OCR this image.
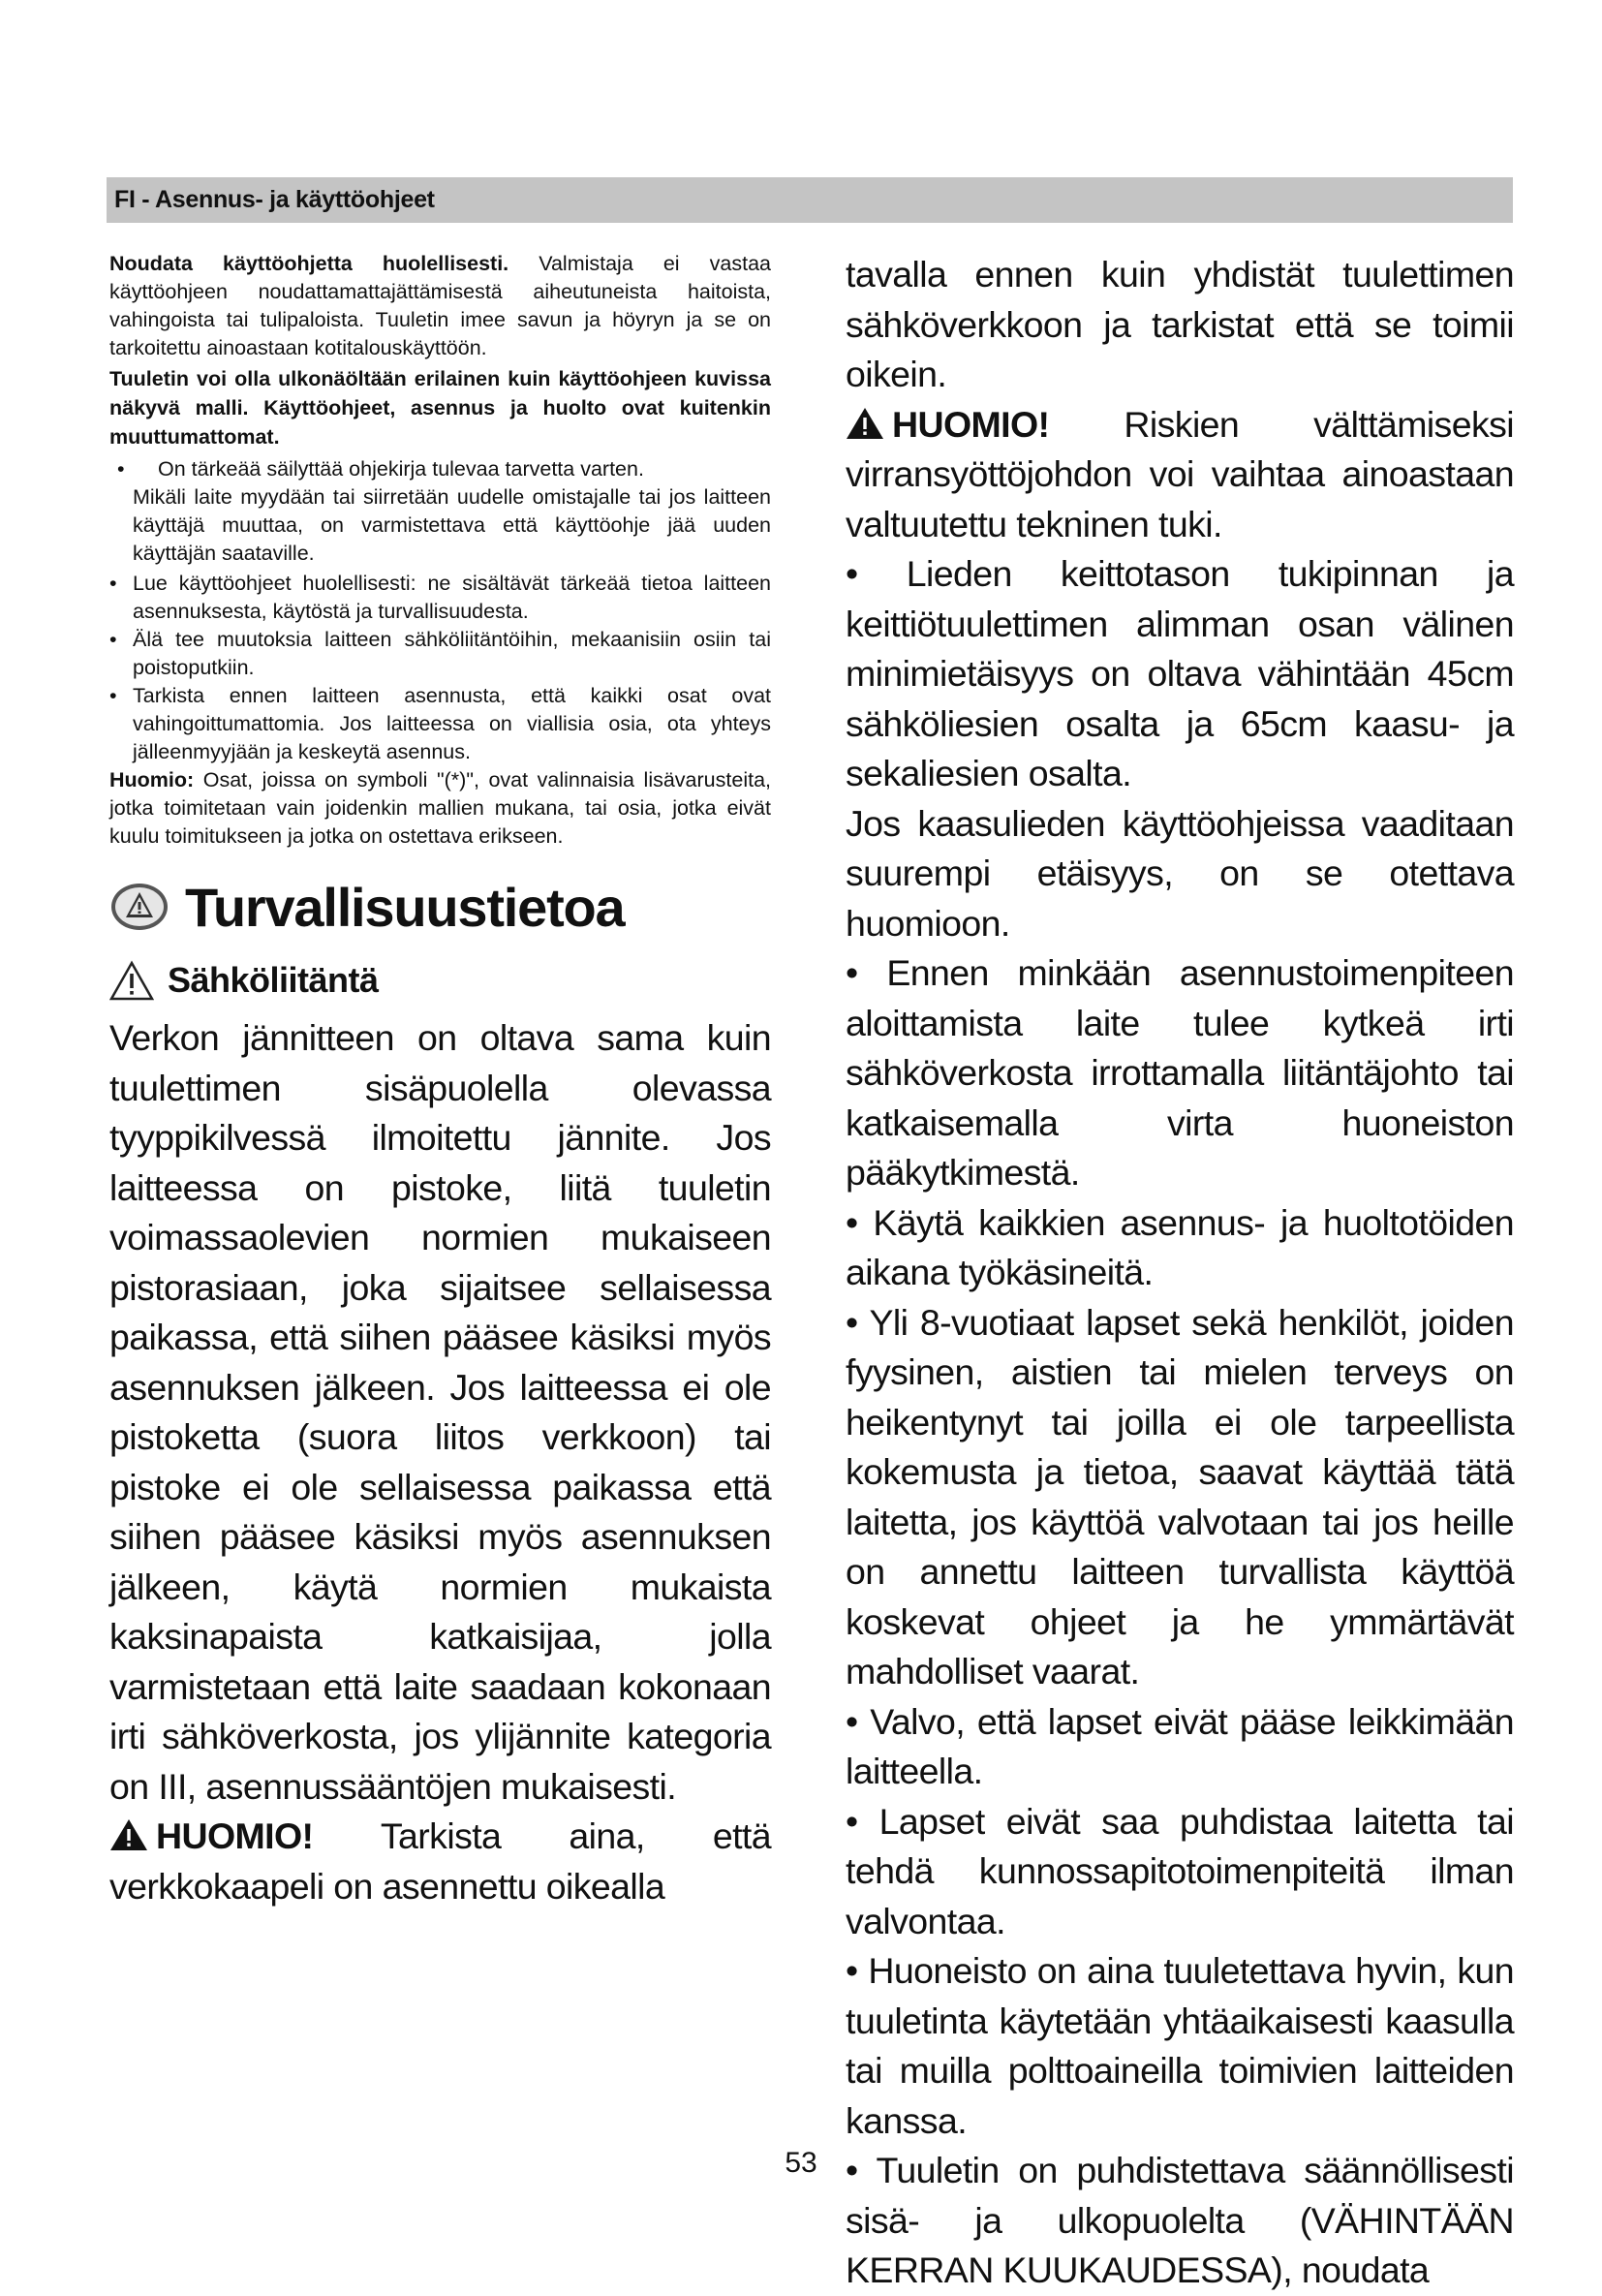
FI - Asennus- ja käyttöohjeet

Noudata käyttöohjetta huolellisesti. Valmistaja ei vastaa käyttöohjeen noudattamattajättämisestä aiheutuneista haitoista, vahingoista tai tulipaloista. Tuuletin imee savun ja höyryn ja se on tarkoitettu ainoastaan kotitalouskäyttöön.

Tuuletin voi olla ulkonäöltään erilainen kuin käyttöohjeen kuvissa näkyvä malli. Käyttöohjeet, asennus ja huolto ovat kuitenkin muuttumattomat.

• On tärkeää säilyttää ohjekirja tulevaa tarvetta varten.
Mikäli laite myydään tai siirretään uudelle omistajalle tai jos laitteen käyttäjä muuttaa, on varmistettava että käyttöohje jää uuden käyttäjän saataville.
• Lue käyttöohjeet huolellisesti: ne sisältävät tärkeää tietoa laitteen asennuksesta, käytöstä ja turvallisuudesta.
• Älä tee muutoksia laitteen sähköliitäntöihin, mekaanisiin osiin tai poistoputkiin.
• Tarkista ennen laitteen asennusta, että kaikki osat ovat vahingoittumattomia. Jos laitteessa on viallisia osia, ota yhteys jälleenmyyjään ja keskeytä asennus.

Huomio: Osat, joissa on symboli "(*)", ovat valinnaisia lisävarusteita, jotka toimitetaan vain joidenkin mallien mukana, tai osia, jotka eivät kuulu toimitukseen ja jotka on ostettava erikseen.

Turvallisuustietoa
Sähköliitäntä

Verkon jännitteen on oltava sama kuin tuulettimen sisäpuolella olevassa tyyppikilvessä ilmoitettu jännite. Jos laitteessa on pistoke, liitä tuuletin voimassaolevien normien mukaiseen pistorasiaan, joka sijaitsee sellaisessa paikassa, että siihen pääsee käsiksi myös asennuksen jälkeen. Jos laitteessa ei ole pistoketta (suora liitos verkkoon) tai pistoke ei ole sellaisessa paikassa että siihen pääsee käsiksi myös asennuksen jälkeen, käytä normien mukaista kaksinapaista katkaisijaa, jolla varmistetaan että laite saadaan kokonaan irti sähköverkosta, jos ylijännite kategoria on III, asennussääntöjen mukaisesti.

HUOMIO! Tarkista aina, että verkkokaapeli on asennettu oikealla

tavalla ennen kuin yhdistät tuulettimen sähköverkkoon ja tarkistat että se toimii oikein.

HUOMIO! Riskien välttämiseksi virransyöttöjohdon voi vaihtaa ainoastaan valtuutettu tekninen tuki.

• Lieden keittotason tukipinnan ja keittiötuulettimen alimman osan välinen minimietäisyys on oltava vähintään 45cm sähköliesien osalta ja 65cm kaasu- ja sekaliesien osalta.

Jos kaasulieden käyttöohjeissa vaaditaan suurempi etäisyys, on se otettava huomioon.

• Ennen minkään asennustoimenpiteen aloittamista laite tulee kytkeä irti sähköverkosta irrottamalla liitäntäjohto tai katkaisemalla virta huoneiston pääkytkimestä.

• Käytä kaikkien asennus- ja huoltotöiden aikana työkäsineitä.

• Yli 8-vuotiaat lapset sekä henkilöt, joiden fyysinen, aistien tai mielen terveys on heikentynyt tai joilla ei ole tarpeellista kokemusta ja tietoa, saavat käyttää tätä laitetta, jos käyttöä valvotaan tai jos heille on annettu laitteen turvallista käyttöä koskevat ohjeet ja he ymmärtävät mahdolliset vaarat.

• Valvo, että lapset eivät pääse leikkimään laitteella.

• Lapset eivät saa puhdistaa laitetta tai tehdä kunnossapitotoimenpiteitä ilman valvontaa.

• Huoneisto on aina tuuletettava hyvin, kun tuuletinta käytetään yhtäaikaisesti kaasulla tai muilla polttoaineilla toimivien laitteiden kanssa.

• Tuuletin on puhdistettava säännöllisesti sisä- ja ulkopuolelta (VÄHINTÄÄN KERRAN KUUKAUDESSA), noudata

53
